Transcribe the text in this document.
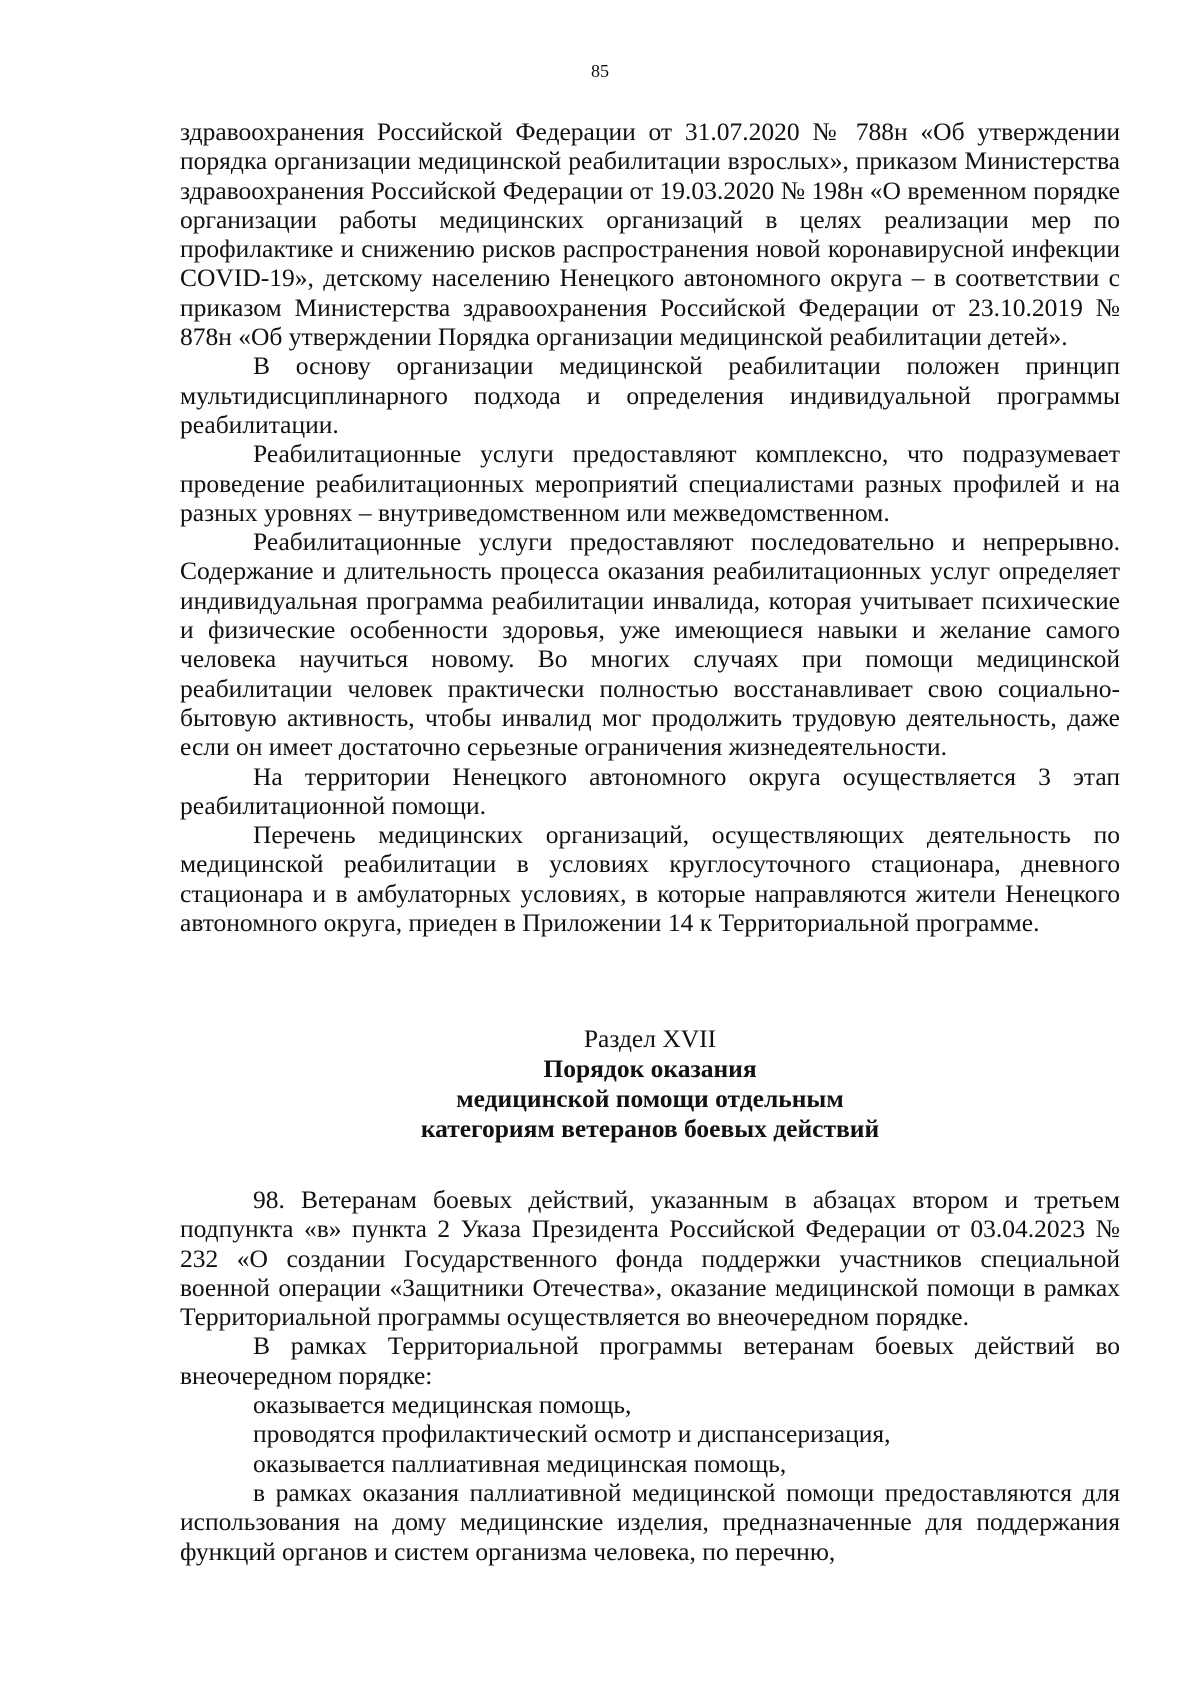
85

здравоохранения Российской Федерации от 31.07.2020 № 788н «Об утверждении порядка организации медицинской реабилитации взрослых», приказом Министерства здравоохранения Российской Федерации от 19.03.2020 № 198н «О временном порядке организации работы медицинских организаций в целях реализации мер по профилактике и снижению рисков распространения новой коронавирусной инфекции COVID-19», детскому населению Ненецкого автономного округа – в соответствии с приказом Министерства здравоохранения Российской Федерации от 23.10.2019 № 878н «Об утверждении Порядка организации медицинской реабилитации детей».

В основу организации медицинской реабилитации положен принцип мультидисциплинарного подхода и определения индивидуальной программы реабилитации.

Реабилитационные услуги предоставляют комплексно, что подразумевает проведение реабилитационных мероприятий специалистами разных профилей и на разных уровнях – внутриведомственном или межведомственном.

Реабилитационные услуги предоставляют последовательно и непрерывно. Содержание и длительность процесса оказания реабилитационных услуг определяет индивидуальная программа реабилитации инвалида, которая учитывает психические и физические особенности здоровья, уже имеющиеся навыки и желание самого человека научиться новому. Во многих случаях при помощи медицинской реабилитации человек практически полностью восстанавливает свою социально-бытовую активность, чтобы инвалид мог продолжить трудовую деятельность, даже если он имеет достаточно серьезные ограничения жизнедеятельности.

На территории Ненецкого автономного округа осуществляется 3 этап реабилитационной помощи.

Перечень медицинских организаций, осуществляющих деятельность по медицинской реабилитации в условиях круглосуточного стационара, дневного стационара и в амбулаторных условиях, в которые направляются жители Ненецкого автономного округа, приеден в Приложении 14 к Территориальной программе.

Раздел XVII
Порядок оказания
медицинской помощи отдельным
категориям ветеранов боевых действий

98. Ветеранам боевых действий, указанным в абзацах втором и третьем подпункта «в» пункта 2 Указа Президента Российской Федерации от 03.04.2023 № 232 «О создании Государственного фонда поддержки участников специальной военной операции «Защитники Отечества», оказание медицинской помощи в рамках Территориальной программы осуществляется во внеочередном порядке.

В рамках Территориальной программы ветеранам боевых действий во внеочередном порядке:

оказывается медицинская помощь,

проводятся профилактический осмотр и диспансеризация,

оказывается паллиативная медицинская помощь,

в рамках оказания паллиативной медицинской помощи предоставляются для использования на дому медицинские изделия, предназначенные для поддержания функций органов и систем организма человека, по перечню,
